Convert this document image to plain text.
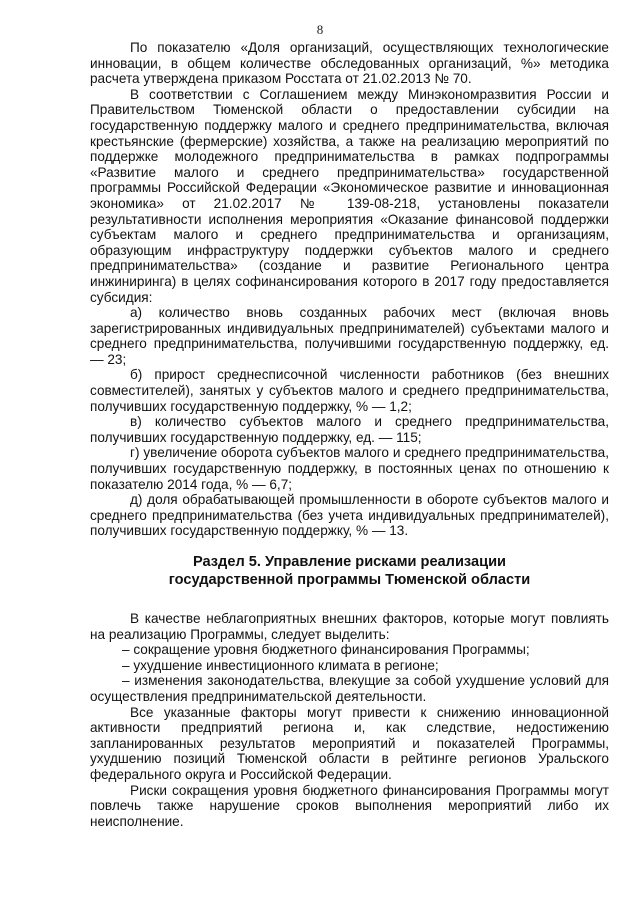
8

По показателю «Доля организаций, осуществляющих технологические инновации, в общем количестве обследованных организаций, %» методика расчета утверждена приказом Росстата от 21.02.2013 № 70.

В соответствии с Соглашением между Минэкономразвития России и Правительством Тюменской области о предоставлении субсидии на государственную поддержку малого и среднего предпринимательства, включая крестьянские (фермерские) хозяйства, а также на реализацию мероприятий по поддержке молодежного предпринимательства в рамках подпрограммы «Развитие малого и среднего предпринимательства» государственной программы Российской Федерации «Экономическое развитие и инновационная экономика» от 21.02.2017 № 139-08-218, установлены показатели результативности исполнения мероприятия «Оказание финансовой поддержки субъектам малого и среднего предпринимательства и организациям, образующим инфраструктуру поддержки субъектов малого и среднего предпринимательства» (создание и развитие Регионального центра инжиниринга) в целях софинансирования которого в 2017 году предоставляется субсидия:

а) количество вновь созданных рабочих мест (включая вновь зарегистрированных индивидуальных предпринимателей) субъектами малого и среднего предпринимательства, получившими государственную поддержку, ед. — 23;

б) прирост среднесписочной численности работников (без внешних совместителей), занятых у субъектов малого и среднего предпринимательства, получивших государственную поддержку, % — 1,2;

в) количество субъектов малого и среднего предпринимательства, получивших государственную поддержку, ед. — 115;

г) увеличение оборота субъектов малого и среднего предпринимательства, получивших государственную поддержку, в постоянных ценах по отношению к показателю 2014 года, % — 6,7;

д) доля обрабатывающей промышленности в обороте субъектов малого и среднего предпринимательства (без учета индивидуальных предпринимателей), получивших государственную поддержку, % — 13.

Раздел 5. Управление рисками реализации

государственной программы Тюменской области

В качестве неблагоприятных внешних факторов, которые могут повлиять на реализацию Программы, следует выделить:

– сокращение уровня бюджетного финансирования Программы;

– ухудшение инвестиционного климата в регионе;

– изменения законодательства, влекущие за собой ухудшение условий для осуществления предпринимательской деятельности.

Все указанные факторы могут привести к снижению инновационной активности предприятий региона и, как следствие, недостижению запланированных результатов мероприятий и показателей Программы, ухудшению позиций Тюменской области в рейтинге регионов Уральского федерального округа и Российской Федерации.

Риски сокращения уровня бюджетного финансирования Программы могут повлечь также нарушение сроков выполнения мероприятий либо их неисполнение.
